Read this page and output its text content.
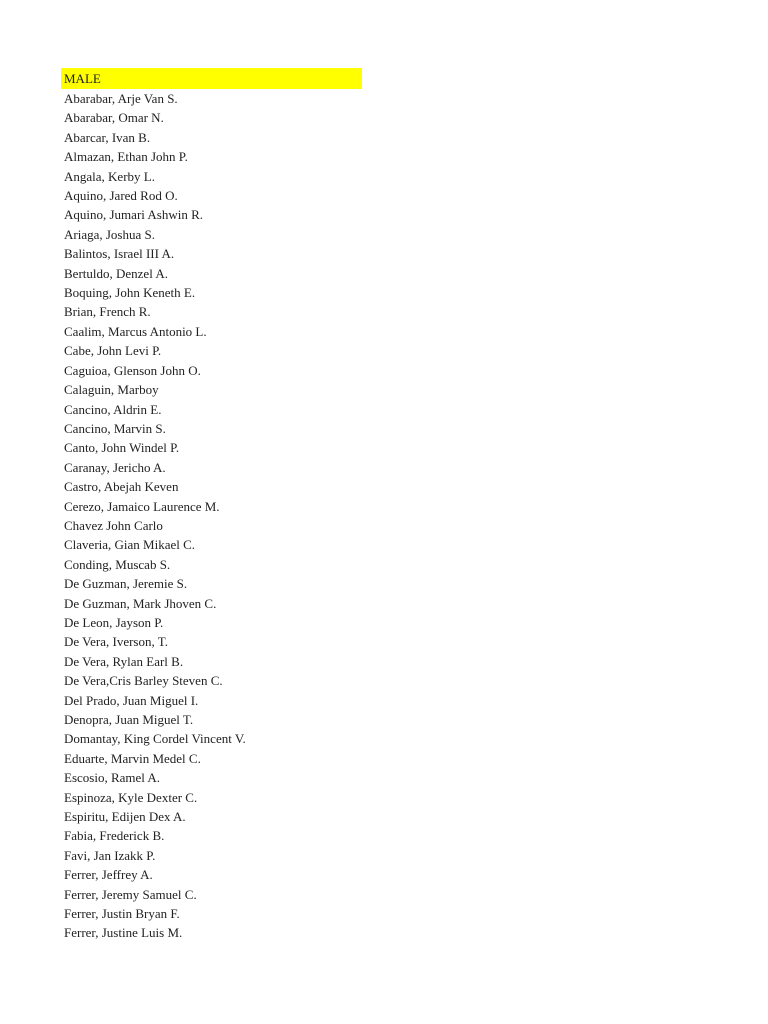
MALE
Abarabar, Arje Van S.
Abarabar, Omar N.
Abarcar, Ivan B.
Almazan, Ethan John P.
Angala, Kerby L.
Aquino, Jared Rod O.
Aquino, Jumari Ashwin R.
Ariaga, Joshua S.
Balintos, Israel III A.
Bertuldo, Denzel A.
Boquing, John Keneth E.
Brian, French R.
Caalim, Marcus Antonio L.
Cabe, John Levi P.
Caguioa, Glenson John O.
Calaguin, Marboy
Cancino, Aldrin E.
Cancino, Marvin S.
Canto, John Windel P.
Caranay, Jericho A.
Castro, Abejah Keven
Cerezo, Jamaico Laurence M.
Chavez John Carlo
Claveria, Gian Mikael C.
Conding, Muscab S.
De Guzman, Jeremie S.
De Guzman, Mark Jhoven C.
De Leon, Jayson P.
De Vera, Iverson, T.
De Vera, Rylan Earl B.
De Vera,Cris Barley Steven C.
Del Prado, Juan Miguel I.
Denopra, Juan Miguel T.
Domantay, King Cordel Vincent V.
Eduarte, Marvin Medel C.
Escosio, Ramel A.
Espinoza, Kyle Dexter C.
Espiritu, Edijen Dex A.
Fabia, Frederick B.
Favi, Jan Izakk P.
Ferrer, Jeffrey A.
Ferrer, Jeremy Samuel C.
Ferrer, Justin Bryan F.
Ferrer, Justine Luis M.
